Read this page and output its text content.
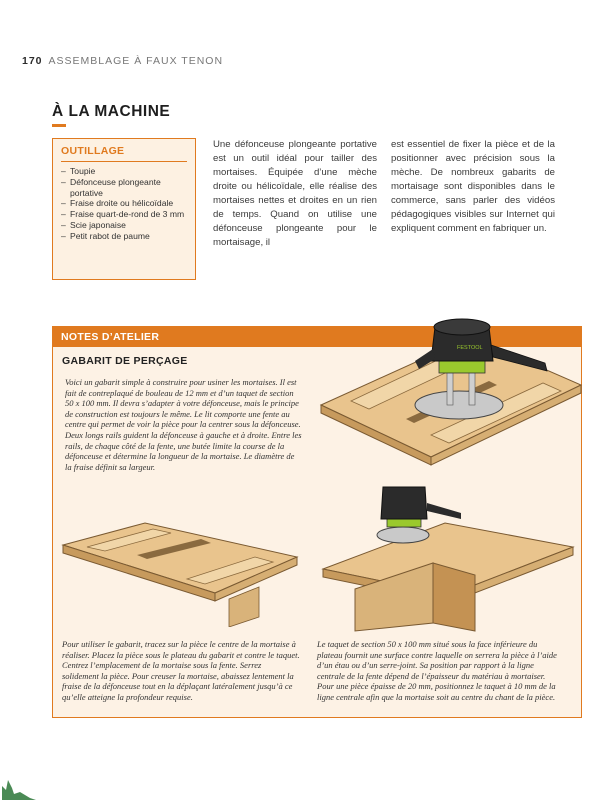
170 ASSEMBLAGE À FAUX TENON
À LA MACHINE
OUTILLAGE
– Toupie
– Défonceuse plongeante portative
– Fraise droite ou hélicoïdale
– Fraise quart-de-rond de 3 mm
– Scie japonaise
– Petit rabot de paume
Une défonceuse plongeante portative est un outil idéal pour tailler des mortaises. Équipée d’une mèche droite ou hélicoïdale, elle réalise des mortaises nettes et droites en un rien de temps. Quand on utilise une défonceuse plongeante pour le mortaisage, il
est essentiel de fixer la pièce et de la positionner avec précision sous la mèche. De nombreux gabarits de mortaisage sont disponibles dans le commerce, sans parler des vidéos pédagogiques visibles sur Internet qui expliquent comment en fabriquer un.
NOTES D’ATELIER
GABARIT DE PERÇAGE
Voici un gabarit simple à construire pour usiner les mortaises. Il est fait de contreplaqué de bouleau de 12 mm et d’un taquet de section 50 x 100 mm. Il devra s’adapter à votre défonceuse, mais le principe de construction est toujours le même. Le lit comporte une fente au centre qui permet de voir la pièce pour la centrer sous la défonceuse. Deux longs rails guident la défonceuse à gauche et à droite. Entre les rails, de chaque côté de la fente, une butée limite la course de la défonceuse et détermine la longueur de la mortaise. Le diamètre de la fraise définit sa largeur.
FESTOOL
Pour utiliser le gabarit, tracez sur la pièce le centre de la mortaise à réaliser. Placez la pièce sous le plateau du gabarit et contre le taquet. Centrez l’emplacement de la mortaise sous la fente. Serrez solidement la pièce. Pour creuser la mortaise, abaissez lentement la fraise de la défonceuse tout en la déplaçant latéralement jusqu’à ce qu’elle atteigne la profondeur requise.
Le taquet de section 50 x 100 mm situé sous la face inférieure du plateau fournit une surface contre laquelle on serrera la pièce à l’aide d’un étau ou d’un serre-joint. Sa position par rapport à la ligne centrale de la fente dépend de l’épaisseur du matériau à mortaiser. Pour une pièce épaisse de 20 mm, positionnez le taquet à 10 mm de la ligne centrale afin que la mortaise soit au centre du chant de la pièce.
